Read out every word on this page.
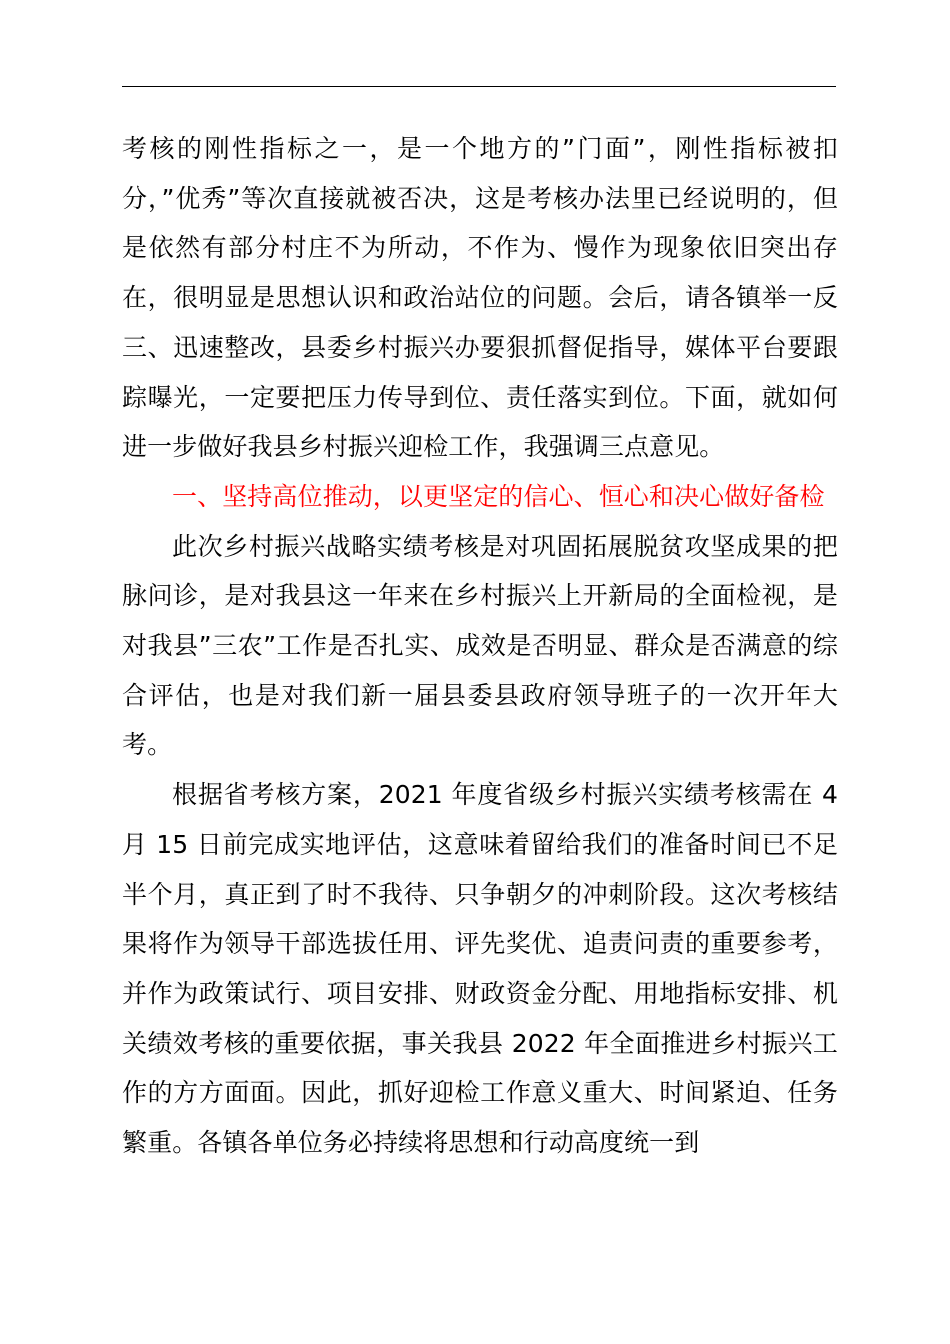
考核的刚性指标之一，是一个地方的”门面”，刚性指标被扣分，”优秀”等次直接就被否决，这是考核办法里已经说明的，但是依然有部分村庄不为所动，不作为、慢作为现象依旧突出存在，很明显是思想认识和政治站位的问题。会后，请各镇举一反三、迅速整改，县委乡村振兴办要狠抓督促指导，媒体平台要跟踪曝光，一定要把压力传导到位、责任落实到位。下面，就如何进一步做好我县乡村振兴迎检工作，我强调三点意见。

一、坚持高位推动，以更坚定的信心、恒心和决心做好备检

此次乡村振兴战略实绩考核是对巩固拓展脱贫攻坚成果的把脉问诊，是对我县这一年来在乡村振兴上开新局的全面检视，是对我县”三农”工作是否扎实、成效是否明显、群众是否满意的综合评估，也是对我们新一届县委县政府领导班子的一次开年大考。

根据省考核方案，2021 年度省级乡村振兴实绩考核需在 4 月 15 日前完成实地评估，这意味着留给我们的准备时间已不足半个月，真正到了时不我待、只争朝夕的冲刺阶段。这次考核结果将作为领导干部选拔任用、评先奖优、追责问责的重要参考，并作为政策试行、项目安排、财政资金分配、用地指标安排、机关绩效考核的重要依据，事关我县 2022 年全面推进乡村振兴工作的方方面面。因此，抓好迎检工作意义重大、时间紧迫、任务繁重。各镇各单位务必持续将思想和行动高度统一到
